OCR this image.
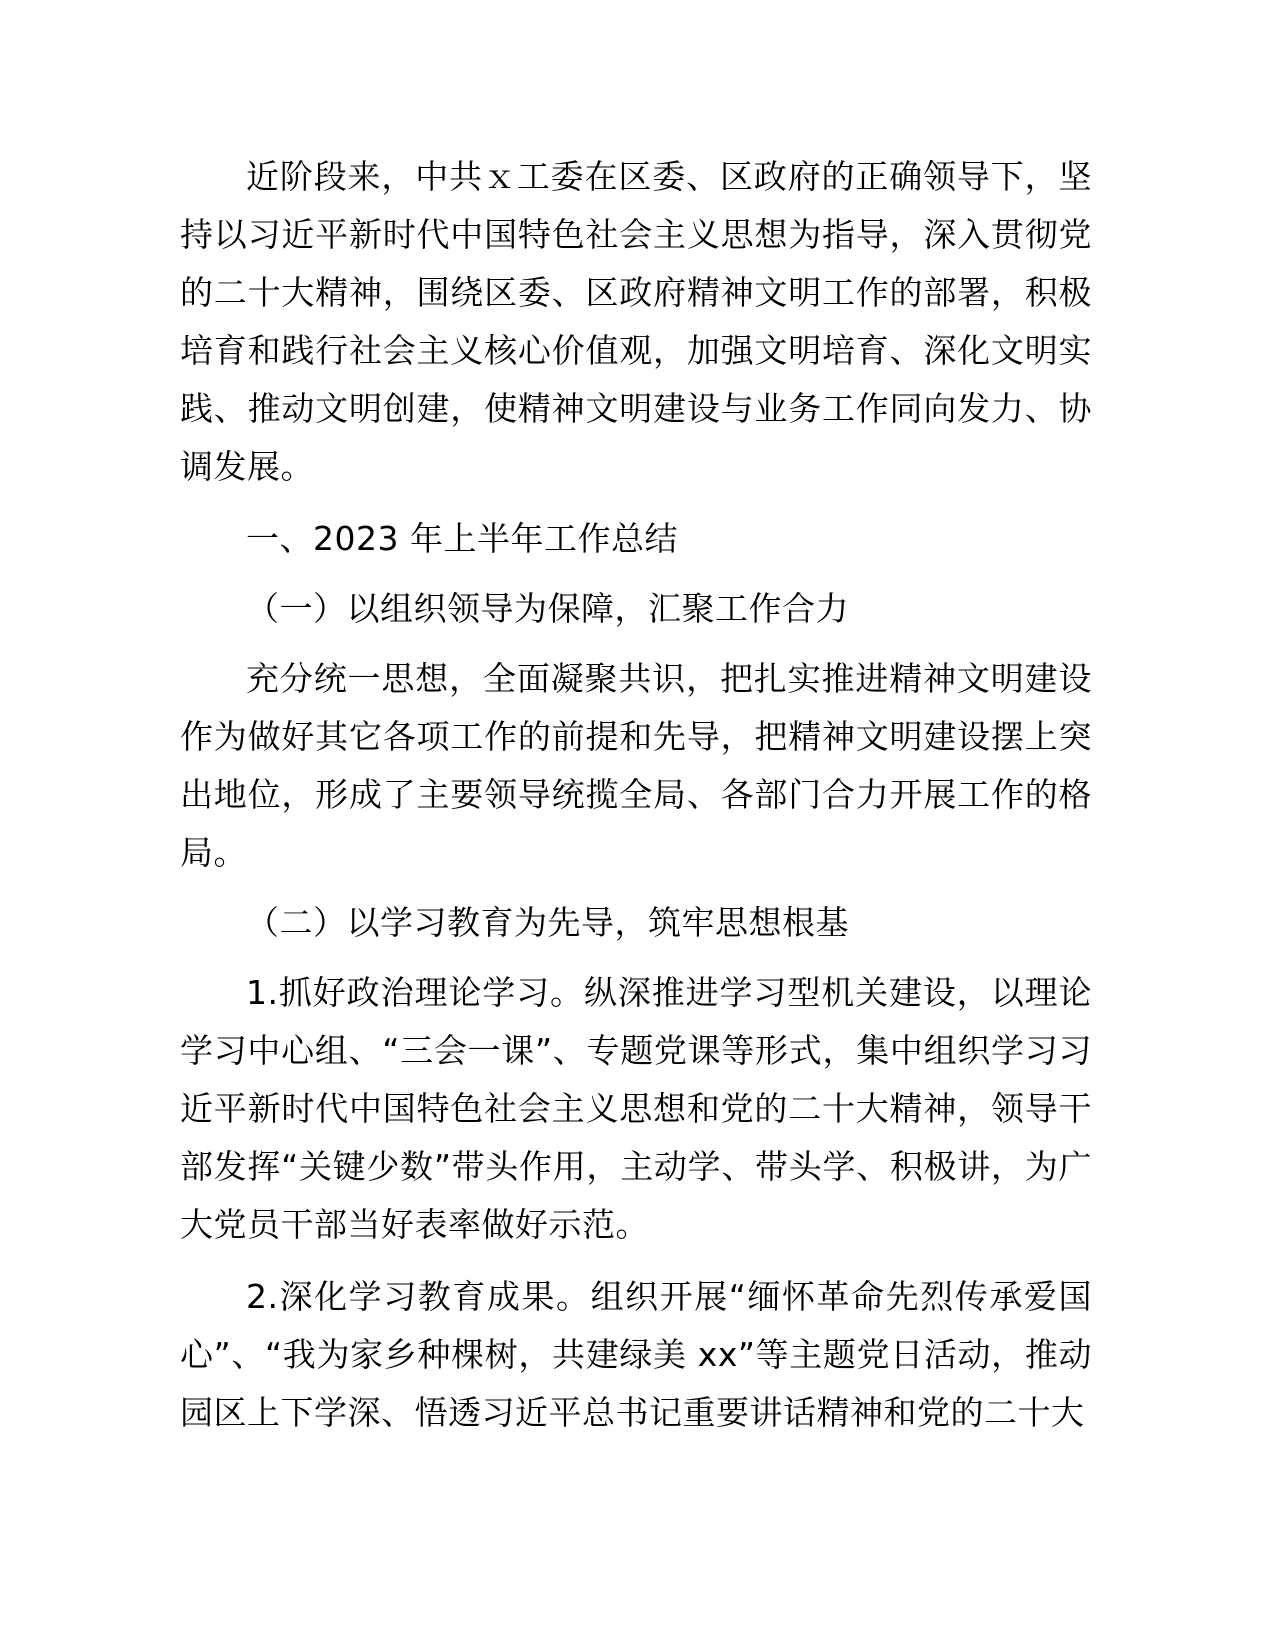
近阶段来，中共ｘ工委在区委、区政府的正确领导下，坚持以习近平新时代中国特色社会主义思想为指导，深入贯彻党的二十大精神，围绕区委、区政府精神文明工作的部署，积极培育和践行社会主义核心价值观，加强文明培育、深化文明实践、推动文明创建，使精神文明建设与业务工作同向发力、协调发展。

一、2023 年上半年工作总结

（一）以组织领导为保障，汇聚工作合力

充分统一思想，全面凝聚共识，把扎实推进精神文明建设作为做好其它各项工作的前提和先导，把精神文明建设摆上突出地位，形成了主要领导统揽全局、各部门合力开展工作的格局。

（二）以学习教育为先导，筑牢思想根基

1.抓好政治理论学习。纵深推进学习型机关建设，以理论学习中心组、“三会一课”、专题党课等形式，集中组织学习习近平新时代中国特色社会主义思想和党的二十大精神，领导干部发挥“关键少数”带头作用，主动学、带头学、积极讲，为广大党员干部当好表率做好示范。

2.深化学习教育成果。组织开展“缅怀革命先烈传承爱国心”、“我为家乡种棵树，共建绿美 xx”等主题党日活动，推动园区上下学深、悟透习近平总书记重要讲话精神和党的二十大
